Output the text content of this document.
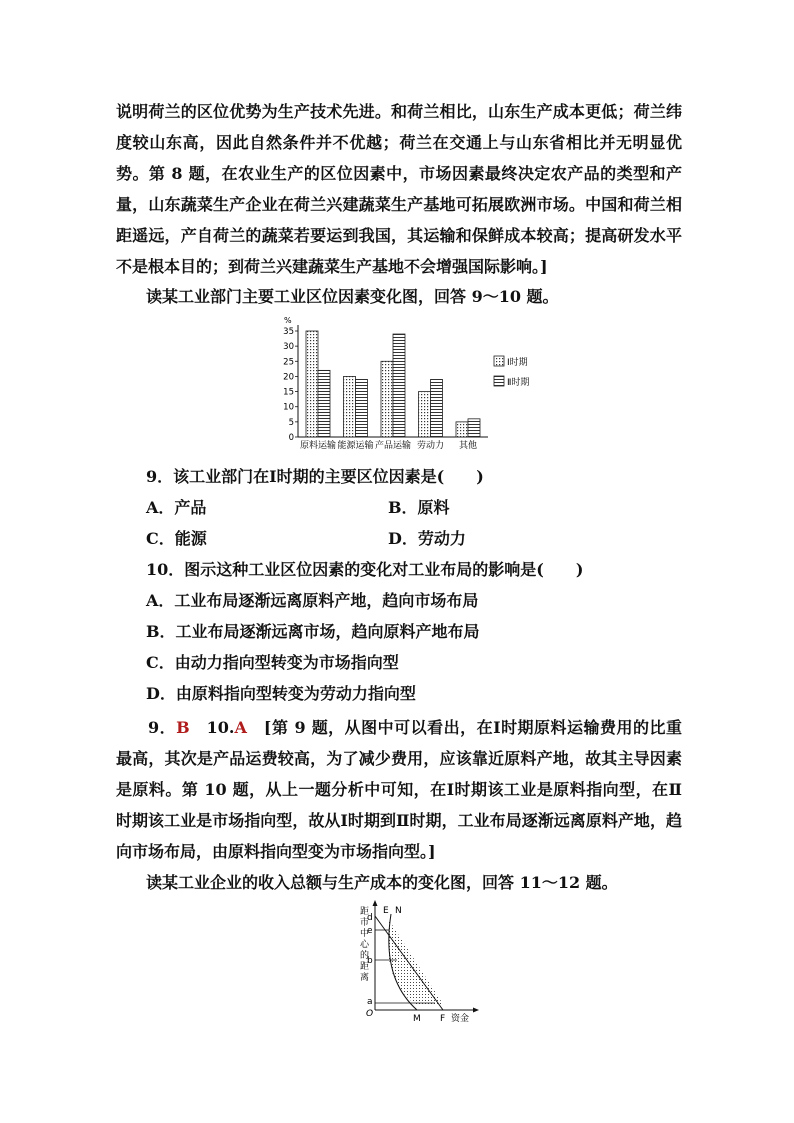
说明荷兰的区位优势为生产技术先进。和荷兰相比，山东生产成本更低；荷兰纬度较山东高，因此自然条件并不优越；荷兰在交通上与山东省相比并无明显优势。第 8 题，在农业生产的区位因素中，市场因素最终决定农产品的类型和产量，山东蔬菜生产企业在荷兰兴建蔬菜生产基地可拓展欧洲市场。中国和荷兰相距遥远，产自荷兰的蔬菜若要运到我国，其运输和保鲜成本较高；提高研发水平不是根本目的；到荷兰兴建蔬菜生产基地不会增强国际影响。]

读某工业部门主要工业区位因素变化图，回答 9～10 题。
%
0
5
10
15
20
25
30
35
原料运输 能源运输 产品运输 劳动力 其他
Ⅰ时期
Ⅱ时期
9．该工业部门在Ⅰ时期的主要区位因素是(　　)
A．产品	B．原料
C．能源	D．劳动力
10．图示这种工业区位因素的变化对工业布局的影响是(　　)
A．工业布局逐渐远离原料产地，趋向市场布局
B．工业布局逐渐远离市场，趋向原料产地布局
C．由动力指向型转变为市场指向型
D．由原料指向型转变为劳动力指向型

9．B　 10.A　 [第 9 题，从图中可以看出，在Ⅰ时期原料运输费用的比重最高，其次是产品运费较高，为了减少费用，应该靠近原料产地，故其主导因素是原料。第 10 题，从上一题分析中可知，在Ⅰ时期该工业是原料指向型，在Ⅱ时期该工业是市场指向型，故从Ⅰ时期到Ⅱ时期，工业布局逐渐远离原料产地，趋向市场布局，由原料指向型变为市场指向型。]

读某工业企业的收入总额与生产成本的变化图，回答 11～12 题。
距
市
中
心
的
距
离
d
e
b
a
O	M F
E N
资金
